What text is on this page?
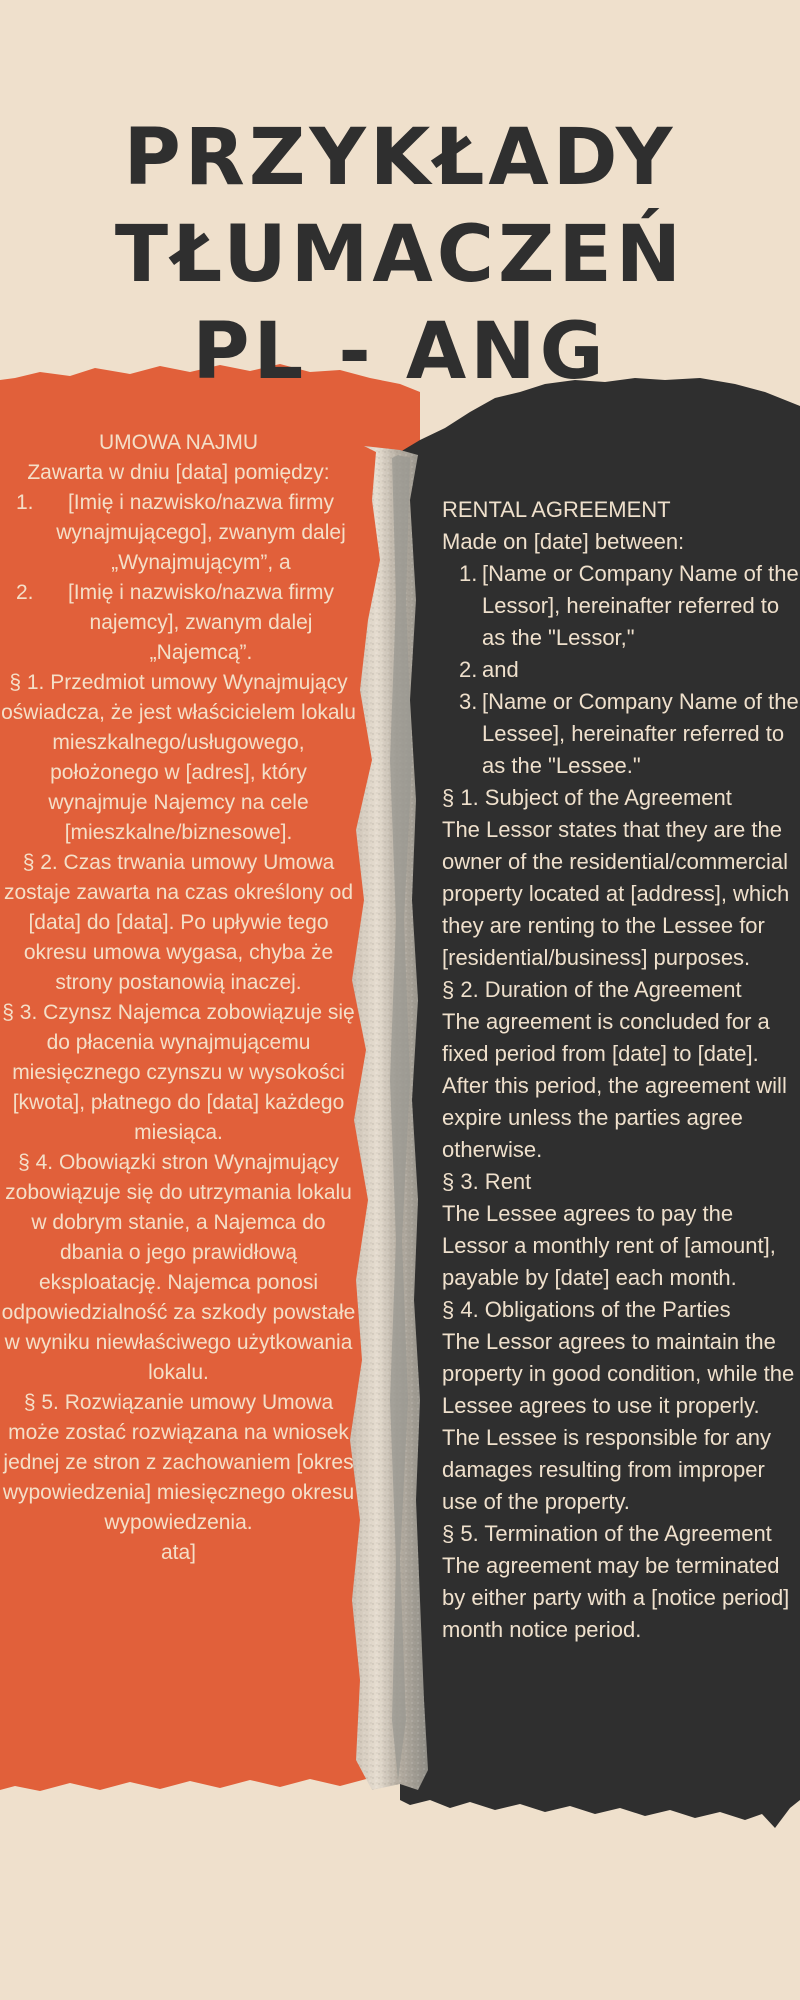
PRZYKŁADY
TŁUMACZEŃ
PL - ANG

UMOWA NAJMU

Zawarta w dniu [data] pomiędzy:

1. [Imię i nazwisko/nazwa firmy wynajmującego], zwanym dalej „Wynajmującym”, a

2. [Imię i nazwisko/nazwa firmy najemcy], zwanym dalej „Najemcą”.

§ 1. Przedmiot umowy Wynajmujący oświadcza, że jest właścicielem lokalu mieszkalnego/usługowego, położonego w [adres], który wynajmuje Najemcy na cele [mieszkalne/biznesowe].

§ 2. Czas trwania umowy Umowa zostaje zawarta na czas określony od [data] do [data]. Po upływie tego okresu umowa wygasa, chyba że strony postanowią inaczej.

§ 3. Czynsz Najemca zobowiązuje się do płacenia wynajmującemu miesięcznego czynszu w wysokości [kwota], płatnego do [data] każdego miesiąca.

§ 4. Obowiązki stron Wynajmujący zobowiązuje się do utrzymania lokalu w dobrym stanie, a Najemca do dbania o jego prawidłową eksploatację. Najemca ponosi odpowiedzialność za szkody powstałe w wyniku niewłaściwego użytkowania lokalu.

§ 5. Rozwiązanie umowy Umowa może zostać rozwiązana na wniosek jednej ze stron z zachowaniem [okres wypowiedzenia] miesięcznego okresu wypowiedzenia.

ata]

RENTAL AGREEMENT

Made on [date] between:

1. [Name or Company Name of the Lessor], hereinafter referred to as the "Lessor,"

2. and

3. [Name or Company Name of the Lessee], hereinafter referred to as the "Lessee."

§ 1. Subject of the Agreement

The Lessor states that they are the owner of the residential/commercial property located at [address], which they are renting to the Lessee for [residential/business] purposes.

§ 2. Duration of the Agreement

The agreement is concluded for a fixed period from [date] to [date]. After this period, the agreement will expire unless the parties agree otherwise.

§ 3. Rent

The Lessee agrees to pay the Lessor a monthly rent of [amount], payable by [date] each month.

§ 4. Obligations of the Parties

The Lessor agrees to maintain the property in good condition, while the Lessee agrees to use it properly. The Lessee is responsible for any damages resulting from improper use of the property.

§ 5. Termination of the Agreement

The agreement may be terminated by either party with a [notice period] month notice period.
